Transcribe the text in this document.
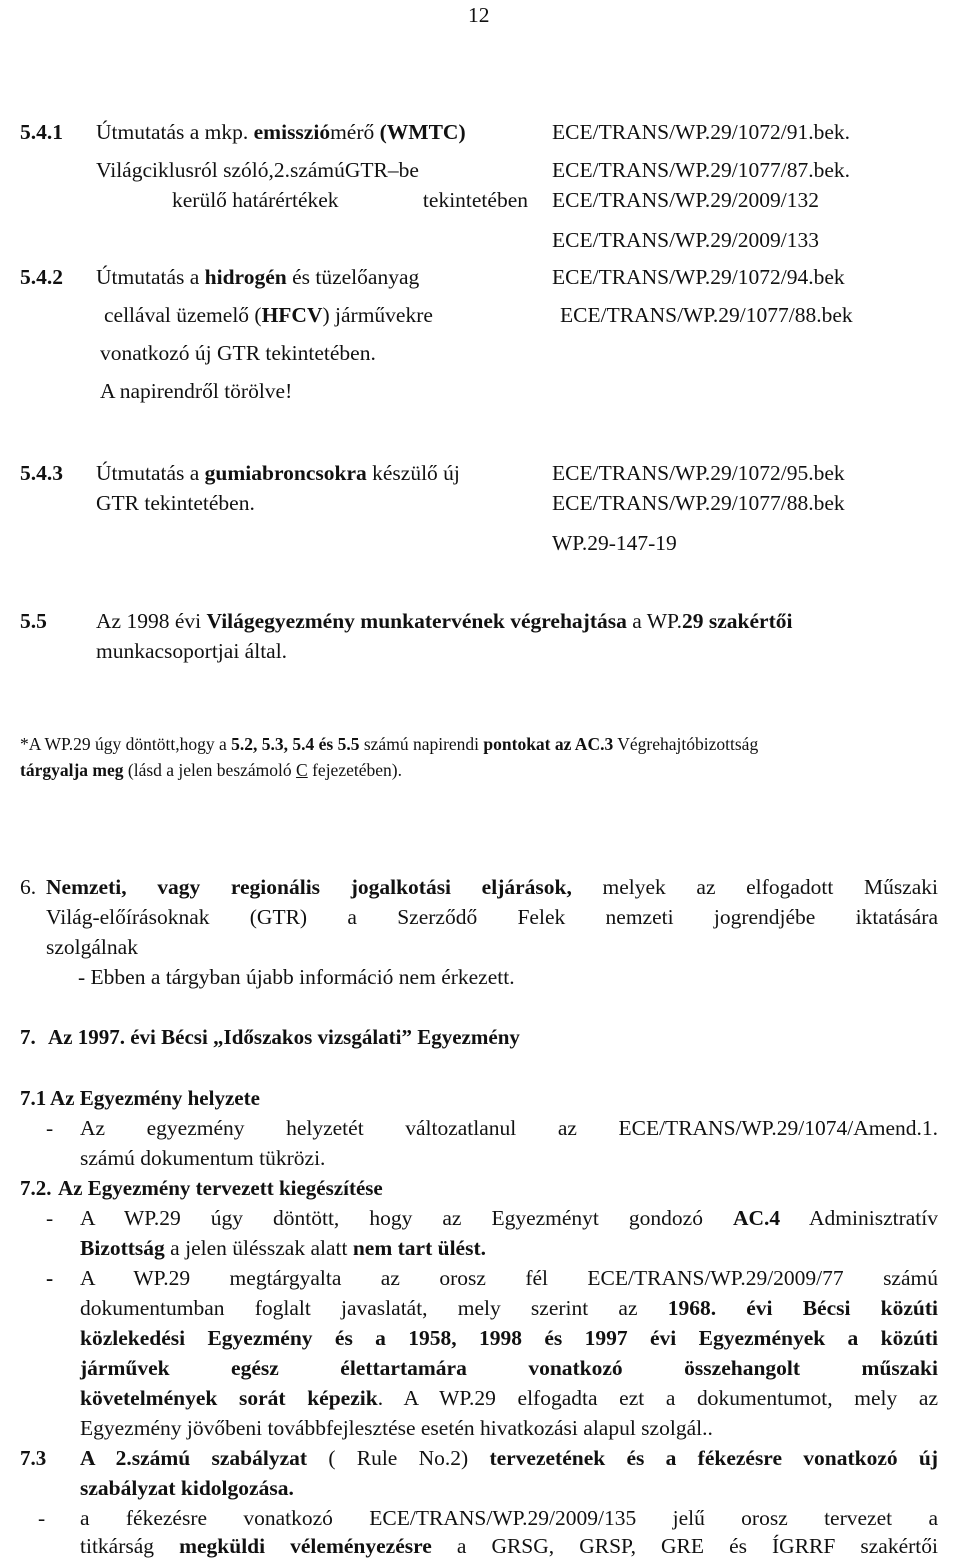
12
5.4.1 Útmutatás a mkp. emissziómérő (WMTC)
Világciklusról szóló,2.számúGTR–be
kerülő határértékek	tekintetében
ECE/TRANS/WP.29/1072/91.bek.
ECE/TRANS/WP.29/1077/87.bek.
ECE/TRANS/WP.29/2009/132
ECE/TRANS/WP.29/2009/133
5.4.2 Útmutatás a hidrogén és tüzelőanyag
cellával üzemelő (HFCV) járművekre
vonatkozó új GTR tekintetében.
A napirendről törölve!
ECE/TRANS/WP.29/1072/94.bek
ECE/TRANS/WP.29/1077/88.bek
5.4.3 Útmutatás a gumiabroncsokra készülő új
GTR tekintetében.
ECE/TRANS/WP.29/1072/95.bek
ECE/TRANS/WP.29/1077/88.bek
WP.29-147-19
5.5 Az 1998 évi Világegyezmény munkatervének végrehajtása a WP.29 szakértői
munkacsoportjai által.
*A WP.29 úgy döntött,hogy a 5.2, 5.3, 5.4 és 5.5 számú napirendi pontokat az AC.3 Végrehajtóbizottság
tárgyalja meg (lásd a jelen beszámoló C fejezetében).
6. Nemzeti, vagy regionális jogalkotási eljárások, melyek az elfogadott Műszaki
Világ-előírásoknak (GTR) a Szerződő Felek nemzeti jogrendjébe iktatására
szolgálnak
- Ebben a tárgyban újabb információ nem érkezett.
7. Az 1997. évi Bécsi „Időszakos vizsgálati” Egyezmény
7.1 Az Egyezmény helyzete
- Az egyezmény helyzetét változatlanul az ECE/TRANS/WP.29/1074/Amend.1.
számú dokumentum tükrözi.
7.2. Az Egyezmény tervezett kiegészítése
- A WP.29 úgy döntött, hogy az Egyezményt gondozó AC.4 Adminisztratív
Bizottság a jelen ülésszak alatt nem tart ülést.
- A WP.29 megtárgyalta az orosz fél ECE/TRANS/WP.29/2009/77 számú
dokumentumban foglalt javaslatát, mely szerint az 1968. évi Bécsi közúti
közlekedési Egyezmény és a 1958, 1998 és 1997 évi Egyezmények a közúti
járművek egész élettartamára vonatkozó összehangolt műszaki
követelmények sorát képezik. A WP.29 elfogadta ezt a dokumentumot, mely az
Egyezmény jövőbeni továbbfejlesztése esetén hivatkozási alapul szolgál..
7.3 A 2.számú szabályzat ( Rule No.2) tervezetének és a fékezésre vonatkozó új
szabályzat kidolgozása.
- a fékezésre vonatkozó ECE/TRANS/WP.29/2009/135 jelű orosz tervezet a
titkárság megküldi véleményezésre a GRSG, GRSP, GRE és ÍGRRF szakértői
